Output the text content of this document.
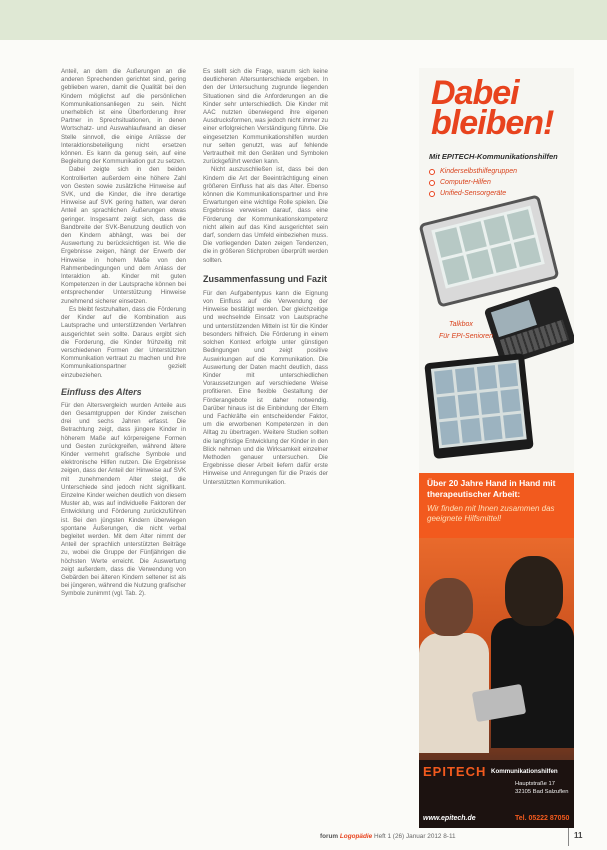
Anteil, an dem die Äußerungen an die anderen Sprechenden gerichtet sind, gering geblieben waren, damit die Qualität bei den Kindern möglichst auf die persönlichen Kommunikationsanliegen zu sein. Nicht unerheblich ist eine Überforderung ihrer Partner in Sprechsituationen, in denen Wortschatz- und Auswahlaufwand an dieser Stelle sinnvoll, die einige Anlässe der Interaktionsbeteiligung nicht ersetzen können. Es kann da genug sein, auf eine Begleitung der Kommunikation gut zu setzen.

Dabei zeigte sich in den beiden Kontrollierten außerdem eine höhere Zahl von Gesten sowie zusätzliche Hinweise auf SVK, und die Kinder, die ihre derartige Hinweise auf SVK gering hatten, war deren Anteil an sprachlichen Äußerungen etwas geringer. Insgesamt zeigt sich, dass die Bandbreite der SVK-Benutzung deutlich von den Kindern abhängt, was bei der Auswertung zu berücksichtigen ist. Wie die Ergebnisse zeigen, hängt der Erwerb der Hinweise in hohem Maße von den Rahmenbedingungen und dem Anlass der Interaktion ab. Kinder mit guten Kompetenzen in der Lautsprache können bei entsprechender Unterstützung Hinweise zunehmend sicherer einsetzen.

Es bleibt festzuhalten, dass die Förderung der Kinder auf die Kombination aus Lautsprache und unterstützenden Verfahren ausgerichtet sein sollte. Daraus ergibt sich die Forderung, die Kinder frühzeitig mit verschiedenen Formen der Unterstützten Kommunikation vertraut zu machen und ihre Kommunikationspartner gezielt einzubeziehen.

Einfluss des Alters

Für den Altersvergleich wurden Anteile aus den Gesamtgruppen der Kinder zwischen drei und sechs Jahren erfasst. Die Betrachtung zeigt, dass jüngere Kinder in höherem Maße auf körpereigene Formen und Gesten zurückgreifen, während ältere Kinder vermehrt grafische Symbole und elektronische Hilfen nutzen. Die Ergebnisse zeigen, dass der Anteil der Hinweise auf SVK mit zunehmendem Alter steigt, die Unterschiede sind jedoch nicht signifikant. Einzelne Kinder weichen deutlich von diesem Muster ab, was auf individuelle Faktoren der Entwicklung und Förderung zurückzuführen ist. Bei den jüngsten Kindern überwiegen spontane Äußerungen, die nicht verbal begleitet werden. Mit dem Alter nimmt der Anteil der sprachlich unterstützten Beiträge zu, wobei die Gruppe der Fünfjährigen die höchsten Werte erreicht. Die Auswertung zeigt außerdem, dass die Verwendung von Gebärden bei älteren Kindern seltener ist als bei jüngeren, während die Nutzung grafischer Symbole zunimmt (vgl. Tab. 2).

Es stellt sich die Frage, warum sich keine deutlicheren Altersunterschiede ergeben. In den der Untersuchung zugrunde liegenden Situationen sind die Anforderungen an die Kinder sehr unterschiedlich. Die Kinder mit AAC nutzten überwiegend ihre eigenen Ausdrucksformen, was jedoch nicht immer zu einer erfolgreichen Verständigung führte. Die eingesetzten Kommunikationshilfen wurden nur selten genutzt, was auf fehlende Vertrautheit mit den Geräten und Symbolen zurückgeführt werden kann.

Nicht auszuschließen ist, dass bei den Kindern die Art der Beeinträchtigung einen größeren Einfluss hat als das Alter. Ebenso können die Kommunikationspartner und ihre Erwartungen eine wichtige Rolle spielen. Die Ergebnisse verweisen darauf, dass eine Förderung der Kommunikationskompetenz nicht allein auf das Kind ausgerichtet sein darf, sondern das Umfeld einbeziehen muss. Die vorliegenden Daten zeigen Tendenzen, die in größeren Stichproben überprüft werden sollten.

Zusammenfassung und Fazit

Für den Aufgabentypus kann die Eignung von Einfluss auf die Verwendung der Hinweise bestätigt werden. Der gleichzeitige und wechselnde Einsatz von Lautsprache und unterstützenden Mitteln ist für die Kinder besonders hilfreich. Die Förderung in einem solchen Kontext erfolgte unter günstigen Bedingungen und zeigt positive Auswirkungen auf die Kommunikation. Die Auswertung der Daten macht deutlich, dass Kinder mit unterschiedlichen Voraussetzungen auf verschiedene Weise profitieren. Eine flexible Gestaltung der Förderangebote ist daher notwendig. Darüber hinaus ist die Einbindung der Eltern und Fachkräfte ein entscheidender Faktor, um die erworbenen Kompetenzen in den Alltag zu übertragen. Weitere Studien sollten die langfristige Entwicklung der Kinder in den Blick nehmen und die Wirksamkeit einzelner Methoden genauer untersuchen. Die Ergebnisse dieser Arbeit liefern dafür erste Hinweise und Anregungen für die Praxis der Unterstützten Kommunikation.

Dabei
bleiben!
Mit EPITECH-Kommunikationshilfen
Kinderselbsthilfegruppen
Computer-Hilfen
Unified-Sensorgeräte
Talkbox
Für EPI-Senioren
Über 20 Jahre Hand in Hand mit therapeutischer Arbeit:
Wir finden mit Ihnen zusammen das geeignete Hilfsmittel!
EPITECH Kommunikationshilfen
Hauptstraße 17
32105 Bad Salzuflen
www.epitech.de	Tel. 05222 87050
forum Logopädie Heft 1 (26) Januar 2012 8-11	11
